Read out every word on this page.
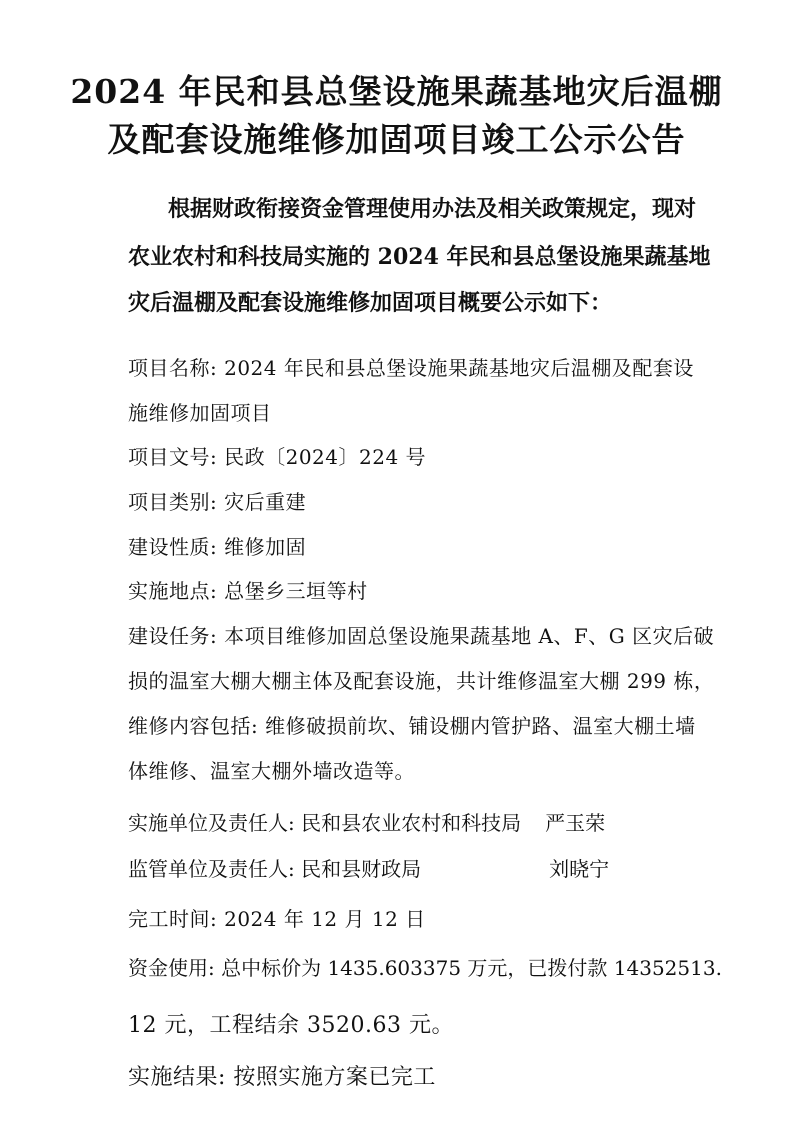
2024 年民和县总堡设施果蔬基地灾后温棚
及配套设施维修加固项目竣工公示公告
根据财政衔接资金管理使用办法及相关政策规定，现对
农业农村和科技局实施的 2024 年民和县总堡设施果蔬基地
灾后温棚及配套设施维修加固项目概要公示如下：
项目名称: 2024 年民和县总堡设施果蔬基地灾后温棚及配套设
施维修加固项目
项目文号: 民政〔2024〕224 号
项目类别: 灾后重建
建设性质: 维修加固
实施地点: 总堡乡三垣等村
建设任务: 本项目维修加固总堡设施果蔬基地 A、F、G 区灾后破
损的温室大棚大棚主体及配套设施，共计维修温室大棚 299 栋，
维修内容包括: 维修破损前坎、铺设棚内管护路、温室大棚土墙
体维修、温室大棚外墙改造等。
实施单位及责任人: 民和县农业农村和科技局 严玉荣
监管单位及责任人: 民和县财政局	刘晓宁
完工时间: 2024 年 12 月 12 日
资金使用: 总中标价为 1435.603375 万元，已拨付款 14352513.
12 元，工程结余 3520.63 元。
实施结果: 按照实施方案已完工
